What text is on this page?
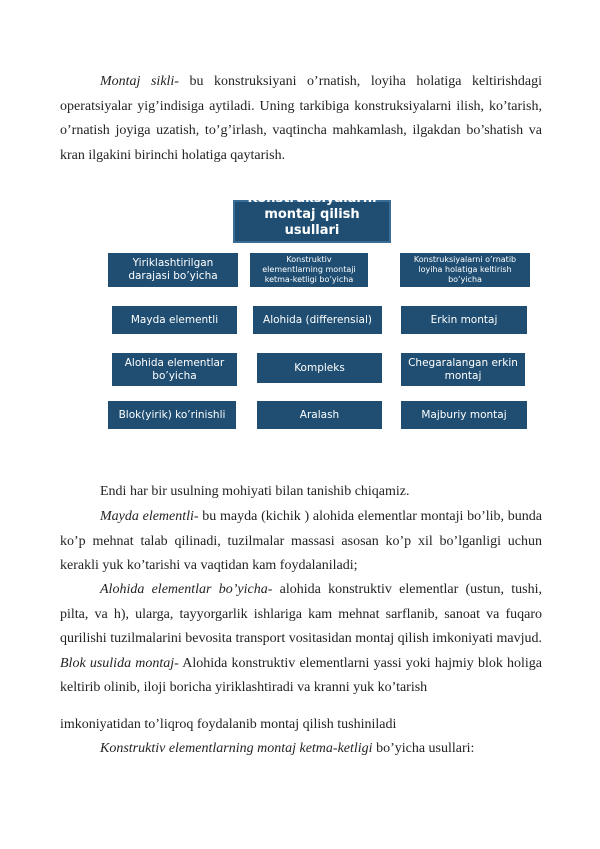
Montaj sikli- bu konstruksiyani o’rnatish, loyiha holatiga keltirishdagi operatsiyalar yig’indisiga aytiladi. Uning tarkibiga konstruksiyalarni ilish, ko’tarish, o’rnatish joyiga uzatish, to’g’irlash, vaqtincha mahkamlash, ilgakdan bo’shatish va kran ilgakini birinchi holatiga qaytarish.

Konstruksiyalarni
montaj qilish
usullari
Yiriklashtirilgan darajasi bo’yicha
Konstruktiv elementlarning montaji ketma-ketligi bo’yicha
Konstruksiyalarni o’rnatib loyiha holatiga keltirish bo’yicha
Mayda elementli
Alohida elementlar bo’yicha
Blok(yirik) ko’rinishli
Alohida (differensial)
Kompleks
Aralash
Erkin montaj
Chegaralangan erkin montaj
Majburiy montaj

Endi har bir usulning mohiyati bilan tanishib chiqamiz.

Mayda elementli- bu mayda (kichik ) alohida elementlar montaji bo’lib, bunda ko’p mehnat talab qilinadi, tuzilmalar massasi asosan ko’p xil bo’lganligi uchun kerakli yuk ko’tarishi va vaqtidan kam foydalaniladi;

Alohida elementlar bo’yicha- alohida konstruktiv elementlar (ustun, tushi, pilta, va h), ularga, tayyorgarlik ishlariga kam mehnat sarflanib, sanoat va fuqaro qurilishi tuzilmalarini bevosita transport vositasidan montaj qilish imkoniyati mavjud. Blok usulida montaj- Alohida konstruktiv elementlarni yassi yoki hajmiy blok holiga keltirib olinib, iloji boricha yiriklashtiradi va kranni yuk ko’tarish

imkoniyatidan to’liqroq foydalanib montaj qilish tushiniladi

Konstruktiv elementlarning montaj ketma-ketligi bo’yicha usullari:
